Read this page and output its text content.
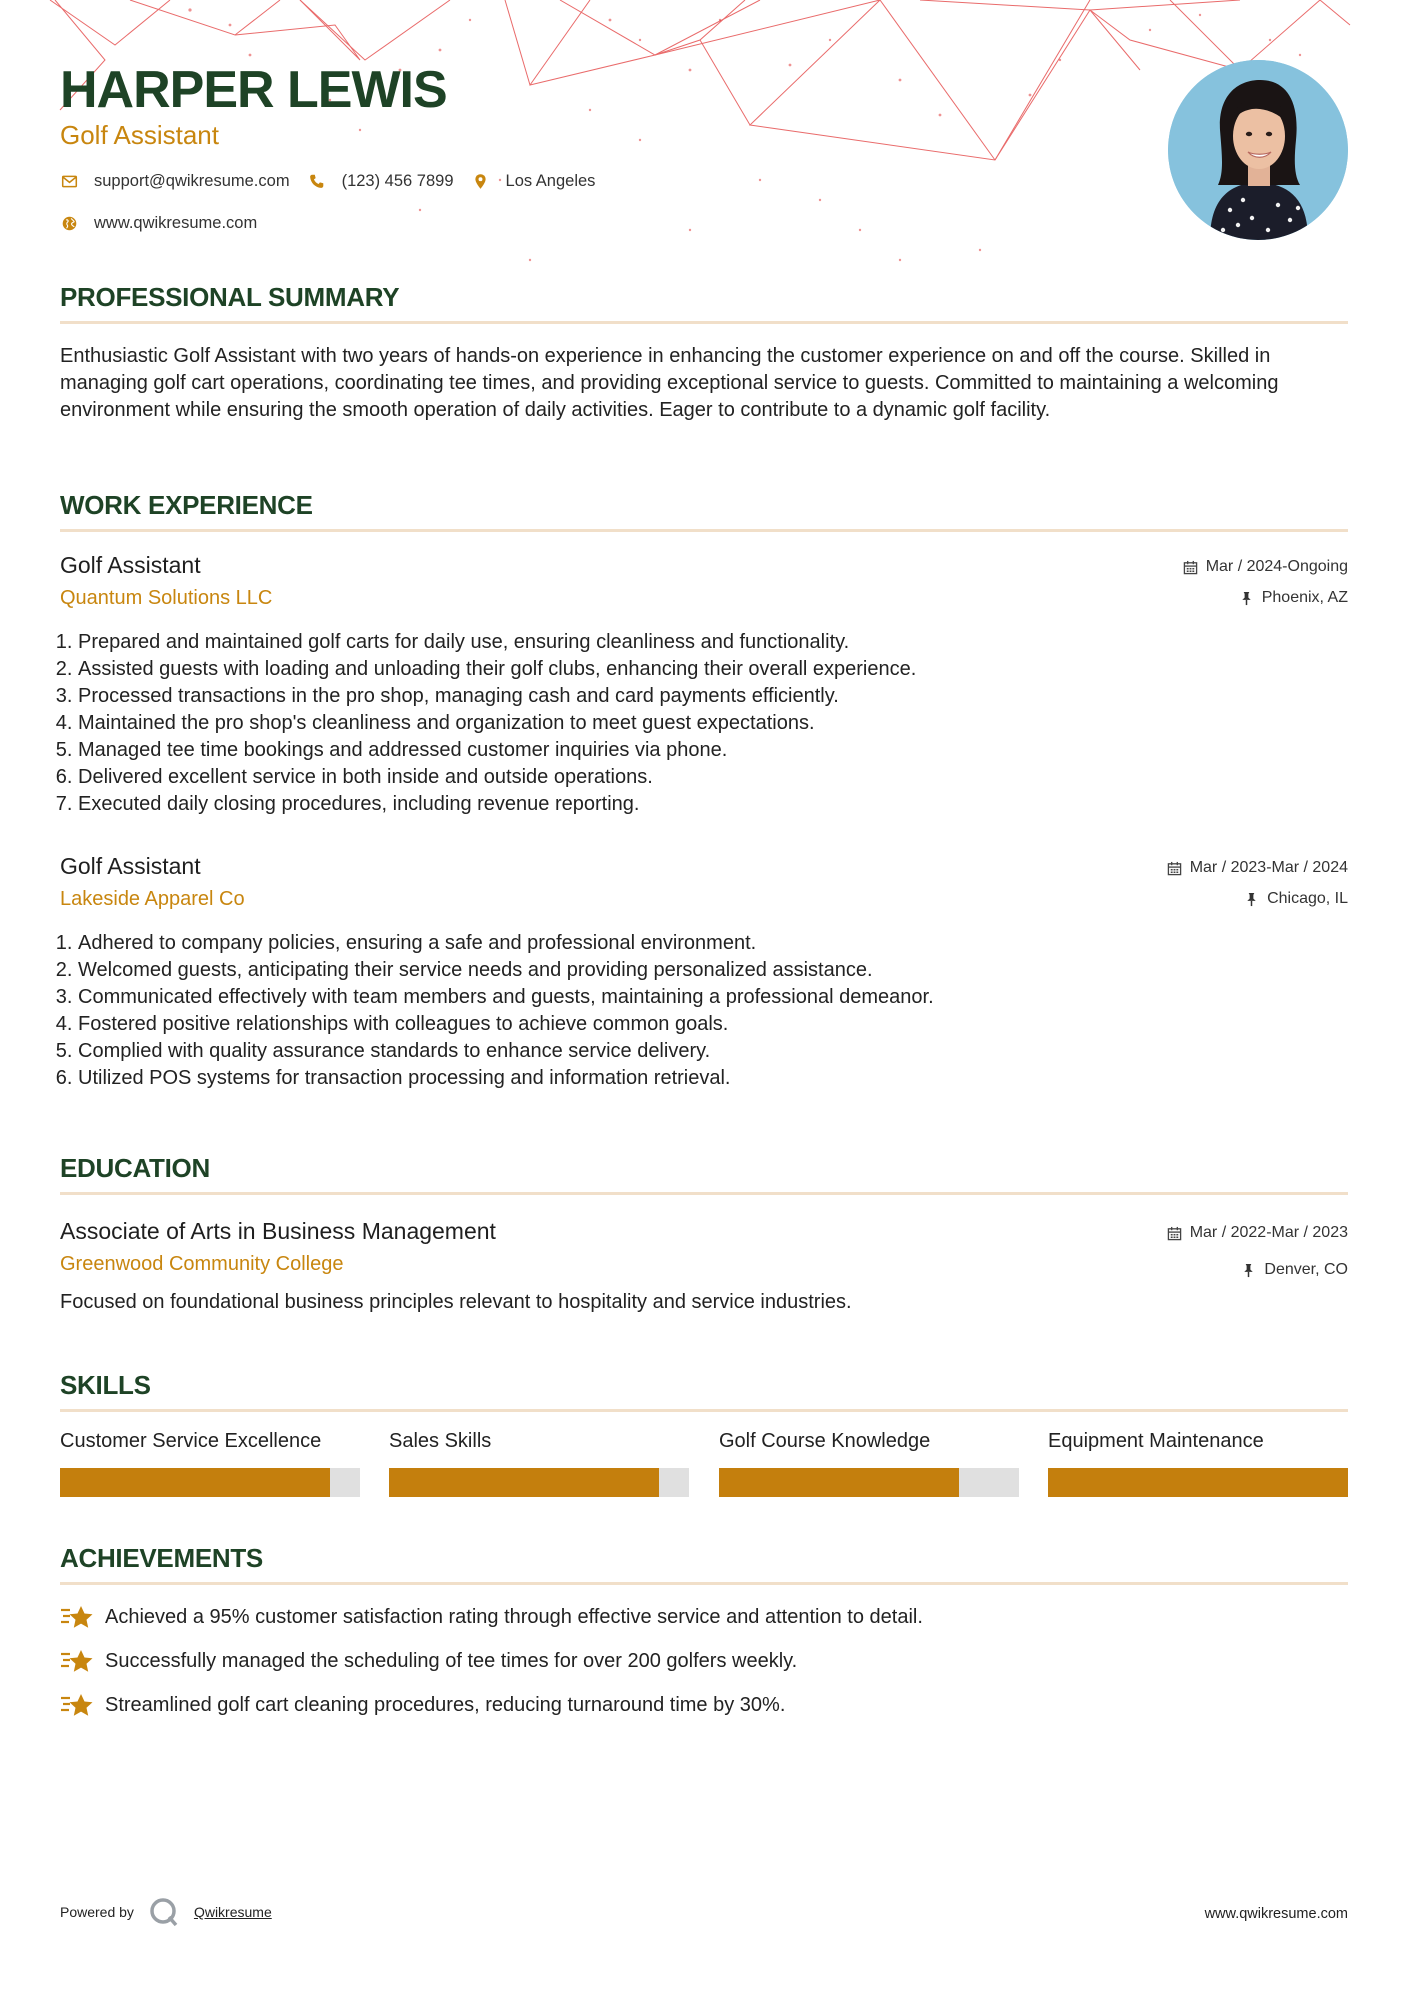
HARPER LEWIS
Golf Assistant
support@qwikresume.com	(123) 456 7899	Los Angeles
www.qwikresume.com
PROFESSIONAL SUMMARY
Enthusiastic Golf Assistant with two years of hands-on experience in enhancing the customer experience on and off the course. Skilled in managing golf cart operations, coordinating tee times, and providing exceptional service to guests. Committed to maintaining a welcoming environment while ensuring the smooth operation of daily activities. Eager to contribute to a dynamic golf facility.
WORK EXPERIENCE
Golf Assistant
Quantum Solutions LLC
Mar / 2024-Ongoing
Phoenix, AZ
1. Prepared and maintained golf carts for daily use, ensuring cleanliness and functionality.
2. Assisted guests with loading and unloading their golf clubs, enhancing their overall experience.
3. Processed transactions in the pro shop, managing cash and card payments efficiently.
4. Maintained the pro shop's cleanliness and organization to meet guest expectations.
5. Managed tee time bookings and addressed customer inquiries via phone.
6. Delivered excellent service in both inside and outside operations.
7. Executed daily closing procedures, including revenue reporting.
Golf Assistant
Lakeside Apparel Co
Mar / 2023-Mar / 2024
Chicago, IL
1. Adhered to company policies, ensuring a safe and professional environment.
2. Welcomed guests, anticipating their service needs and providing personalized assistance.
3. Communicated effectively with team members and guests, maintaining a professional demeanor.
4. Fostered positive relationships with colleagues to achieve common goals.
5. Complied with quality assurance standards to enhance service delivery.
6. Utilized POS systems for transaction processing and information retrieval.
EDUCATION
Associate of Arts in Business Management
Greenwood Community College
Mar / 2022-Mar / 2023
Denver, CO
Focused on foundational business principles relevant to hospitality and service industries.
SKILLS
Customer Service Excellence	Sales Skills	Golf Course Knowledge	Equipment Maintenance
ACHIEVEMENTS
Achieved a 95% customer satisfaction rating through effective service and attention to detail.
Successfully managed the scheduling of tee times for over 200 golfers weekly.
Streamlined golf cart cleaning procedures, reducing turnaround time by 30%.
Powered by	Qwikresume	www.qwikresume.com
